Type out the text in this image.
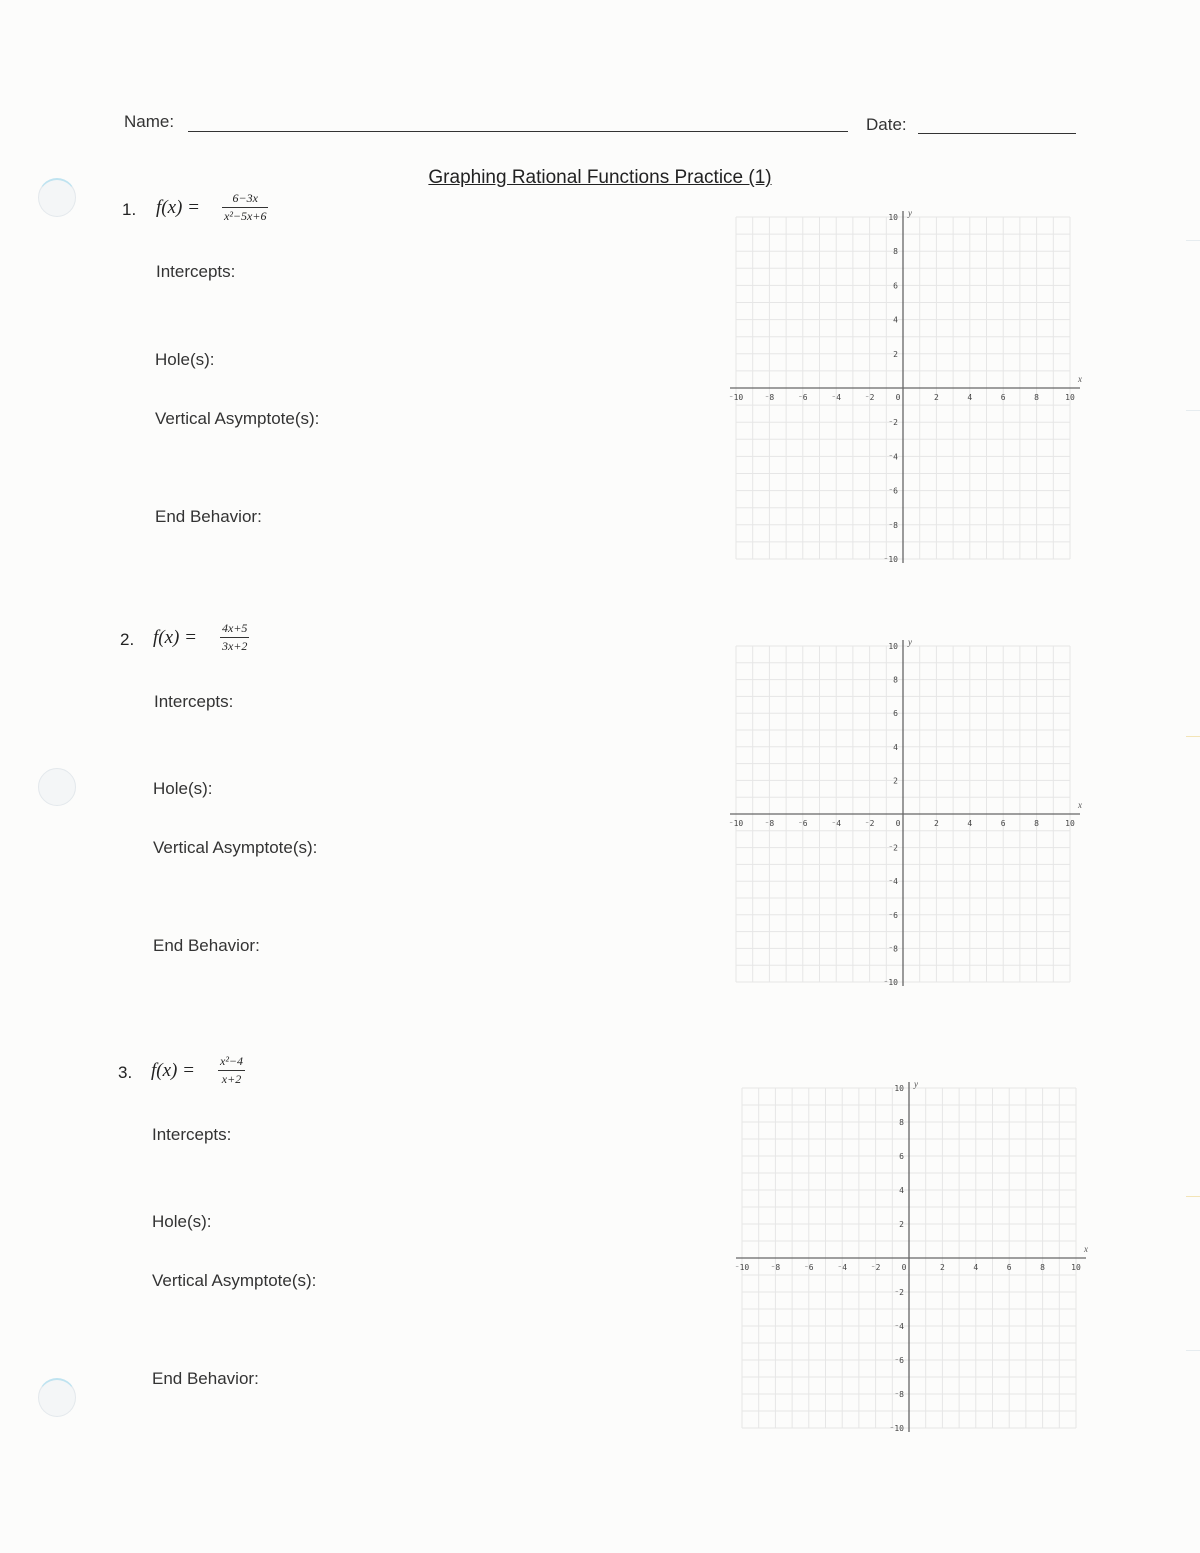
Name:	Date:
Graphing Rational Functions Practice (1)
1. f(x) =	6−3x
x²−5x+6
Intercepts:
Hole(s):
Vertical Asymptote(s):
End Behavior:
2. f(x) = 4x+5
3x+2
Intercepts:
Hole(s):
Vertical Asymptote(s):
End Behavior:
3. f(x) = x²−4
x+2
Intercepts:
Hole(s):
Vertical Asymptote(s):
End Behavior:
x
y
⁻10	⁻8	⁻6	⁻4	⁻2	0	2	4	6	8	10
10
8
6
4
2
⁻2
⁻4
⁻6
⁻8
⁻10
x
y
⁻10	⁻8	⁻6	⁻4	⁻2	0	2	4	6	8	10
10
8
6
4
2
⁻2
⁻4
⁻6
⁻8
⁻10
x
y
⁻10	⁻8	⁻6	⁻4	⁻2	0	2	4	6	8	10
10
8
6
4
2
⁻2
⁻4
⁻6
⁻8
⁻10
